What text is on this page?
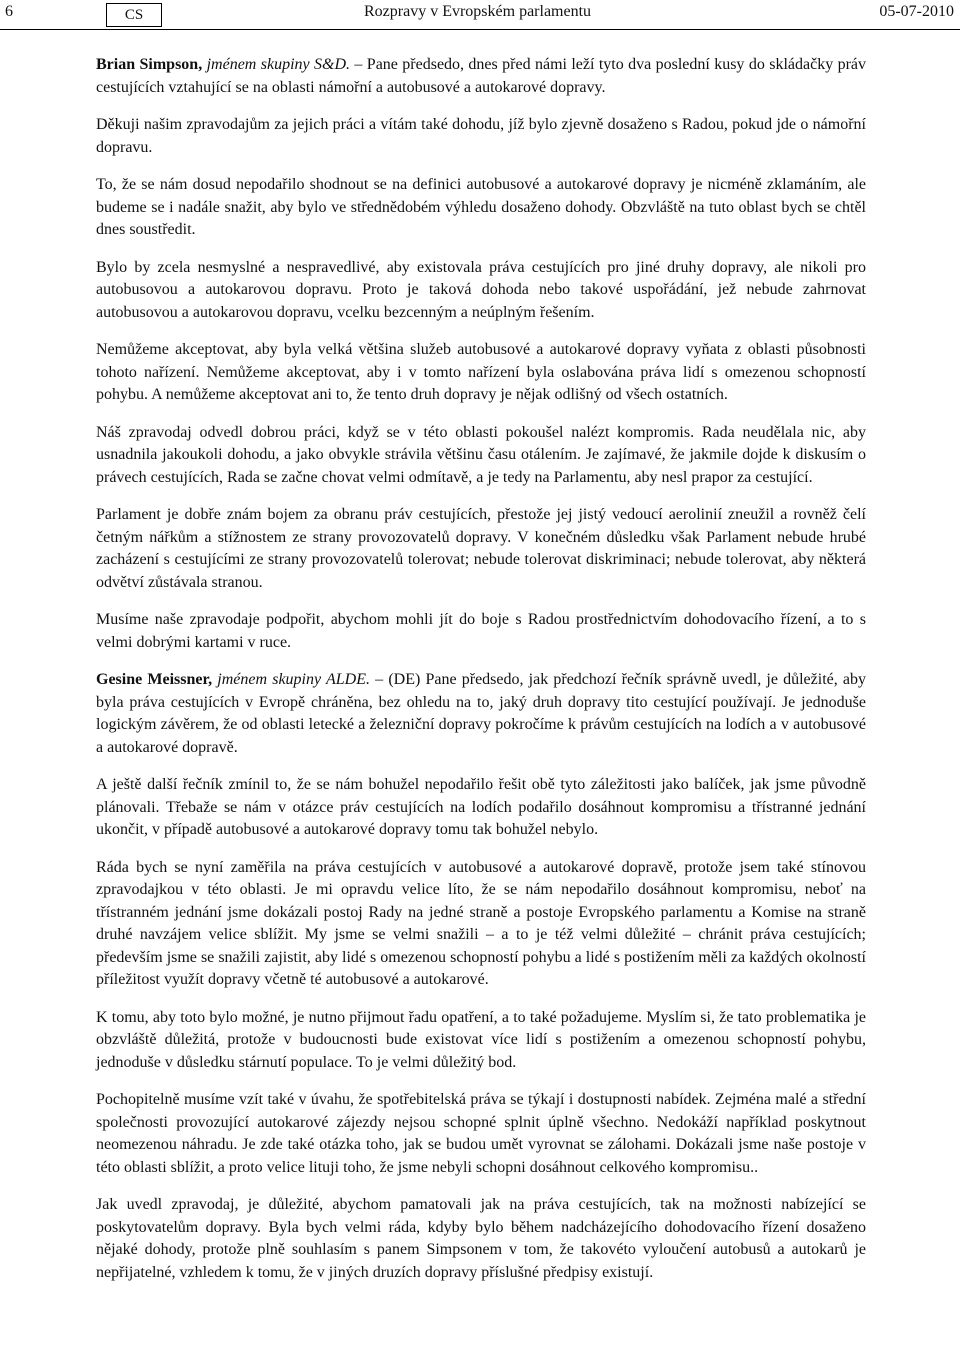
6	CS	Rozpravy v Evropském parlamentu	05-07-2010

Brian Simpson, jménem skupiny S&D. – Pane předsedo, dnes před námi leží tyto dva poslední kusy do skládačky práv cestujících vztahující se na oblasti námořní a autobusové a autokarové dopravy.

Děkuji našim zpravodajům za jejich práci a vítám také dohodu, jíž bylo zjevně dosaženo s Radou, pokud jde o námořní dopravu.

To, že se nám dosud nepodařilo shodnout se na definici autobusové a autokarové dopravy je nicméně zklamáním, ale budeme se i nadále snažit, aby bylo ve střednědobém výhledu dosaženo dohody. Obzvláště na tuto oblast bych se chtěl dnes soustředit.

Bylo by zcela nesmyslné a nespravedlivé, aby existovala práva cestujících pro jiné druhy dopravy, ale nikoli pro autobusovou a autokarovou dopravu. Proto je taková dohoda nebo takové uspořádání, jež nebude zahrnovat autobusovou a autokarovou dopravu, vcelku bezcenným a neúplným řešením.

Nemůžeme akceptovat, aby byla velká většina služeb autobusové a autokarové dopravy vyňata z oblasti působnosti tohoto nařízení. Nemůžeme akceptovat, aby i v tomto nařízení byla oslabována práva lidí s omezenou schopností pohybu. A nemůžeme akceptovat ani to, že tento druh dopravy je nějak odlišný od všech ostatních.

Náš zpravodaj odvedl dobrou práci, když se v této oblasti pokoušel nalézt kompromis. Rada neudělala nic, aby usnadnila jakoukoli dohodu, a jako obvykle strávila většinu času otálením. Je zajímavé, že jakmile dojde k diskusím o právech cestujících, Rada se začne chovat velmi odmítavě, a je tedy na Parlamentu, aby nesl prapor za cestující.

Parlament je dobře znám bojem za obranu práv cestujících, přestože jej jistý vedoucí aerolinií zneužil a rovněž čelí četným nářkům a stížnostem ze strany provozovatelů dopravy. V konečném důsledku však Parlament nebude hrubé zacházení s cestujícími ze strany provozovatelů tolerovat; nebude tolerovat diskriminaci; nebude tolerovat, aby některá odvětví zůstávala stranou.

Musíme naše zpravodaje podpořit, abychom mohli jít do boje s Radou prostřednictvím dohodovacího řízení, a to s velmi dobrými kartami v ruce.

Gesine Meissner, jménem skupiny ALDE. – (DE) Pane předsedo, jak předchozí řečník správně uvedl, je důležité, aby byla práva cestujících v Evropě chráněna, bez ohledu na to, jaký druh dopravy tito cestující používají. Je jednoduše logickým závěrem, že od oblasti letecké a železniční dopravy pokročíme k právům cestujících na lodích a v autobusové a autokarové dopravě.

A ještě další řečník zmínil to, že se nám bohužel nepodařilo řešit obě tyto záležitosti jako balíček, jak jsme původně plánovali. Třebaže se nám v otázce práv cestujících na lodích podařilo dosáhnout kompromisu a třístranné jednání ukončit, v případě autobusové a autokarové dopravy tomu tak bohužel nebylo.

Ráda bych se nyní zaměřila na práva cestujících v autobusové a autokarové dopravě, protože jsem také stínovou zpravodajkou v této oblasti. Je mi opravdu velice líto, že se nám nepodařilo dosáhnout kompromisu, neboť na třístranném jednání jsme dokázali postoj Rady na jedné straně a postoje Evropského parlamentu a Komise na straně druhé navzájem velice sblížit. My jsme se velmi snažili – a to je též velmi důležité – chránit práva cestujících; především jsme se snažili zajistit, aby lidé s omezenou schopností pohybu a lidé s postižením měli za každých okolností příležitost využít dopravy včetně té autobusové a autokarové.

K tomu, aby toto bylo možné, je nutno přijmout řadu opatření, a to také požadujeme. Myslím si, že tato problematika je obzvláště důležitá, protože v budoucnosti bude existovat více lidí s postižením a omezenou schopností pohybu, jednoduše v důsledku stárnutí populace. To je velmi důležitý bod.

Pochopitelně musíme vzít také v úvahu, že spotřebitelská práva se týkají i dostupnosti nabídek. Zejména malé a střední společnosti provozující autokarové zájezdy nejsou schopné splnit úplně všechno. Nedokáží například poskytnout neomezenou náhradu. Je zde také otázka toho, jak se budou umět vyrovnat se zálohami. Dokázali jsme naše postoje v této oblasti sblížit, a proto velice lituji toho, že jsme nebyli schopni dosáhnout celkového kompromisu..

Jak uvedl zpravodaj, je důležité, abychom pamatovali jak na práva cestujících, tak na možnosti nabízející se poskytovatelům dopravy. Byla bych velmi ráda, kdyby bylo během nadcházejícího dohodovacího řízení dosaženo nějaké dohody, protože plně souhlasím s panem Simpsonem v tom, že takovéto vyloučení autobusů a autokarů je nepřijatelné, vzhledem k tomu, že v jiných druzích dopravy příslušné předpisy existují.
